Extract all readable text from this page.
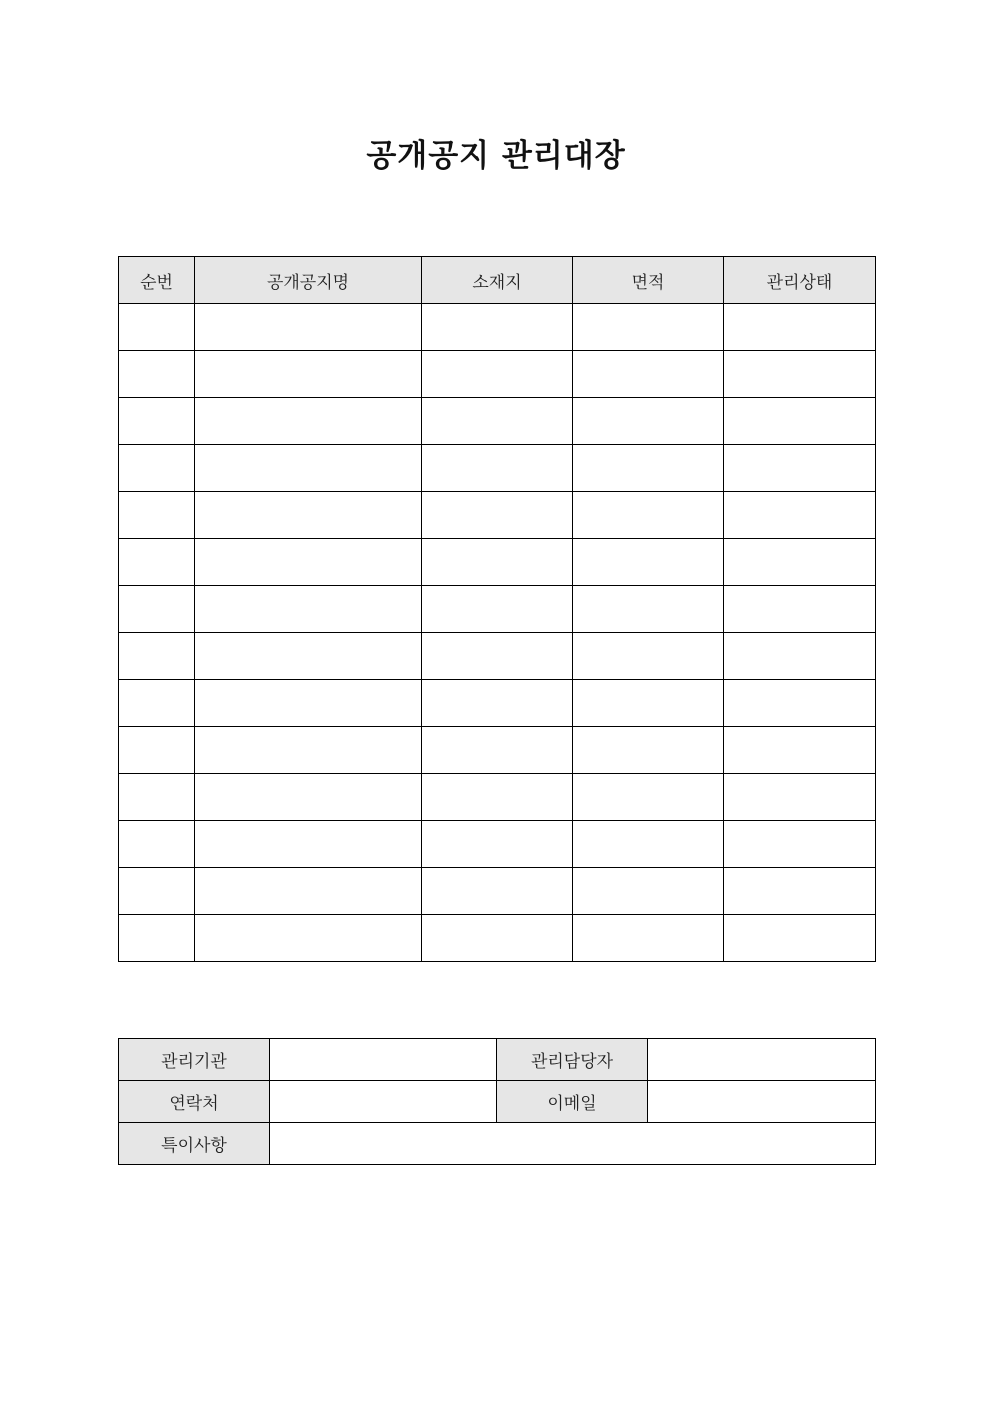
공개공지 관리대장
순번	공개공지명	소재지	면적	관리상태

관리기관		관리담당자	
연락처		이메일	
특이사항			
